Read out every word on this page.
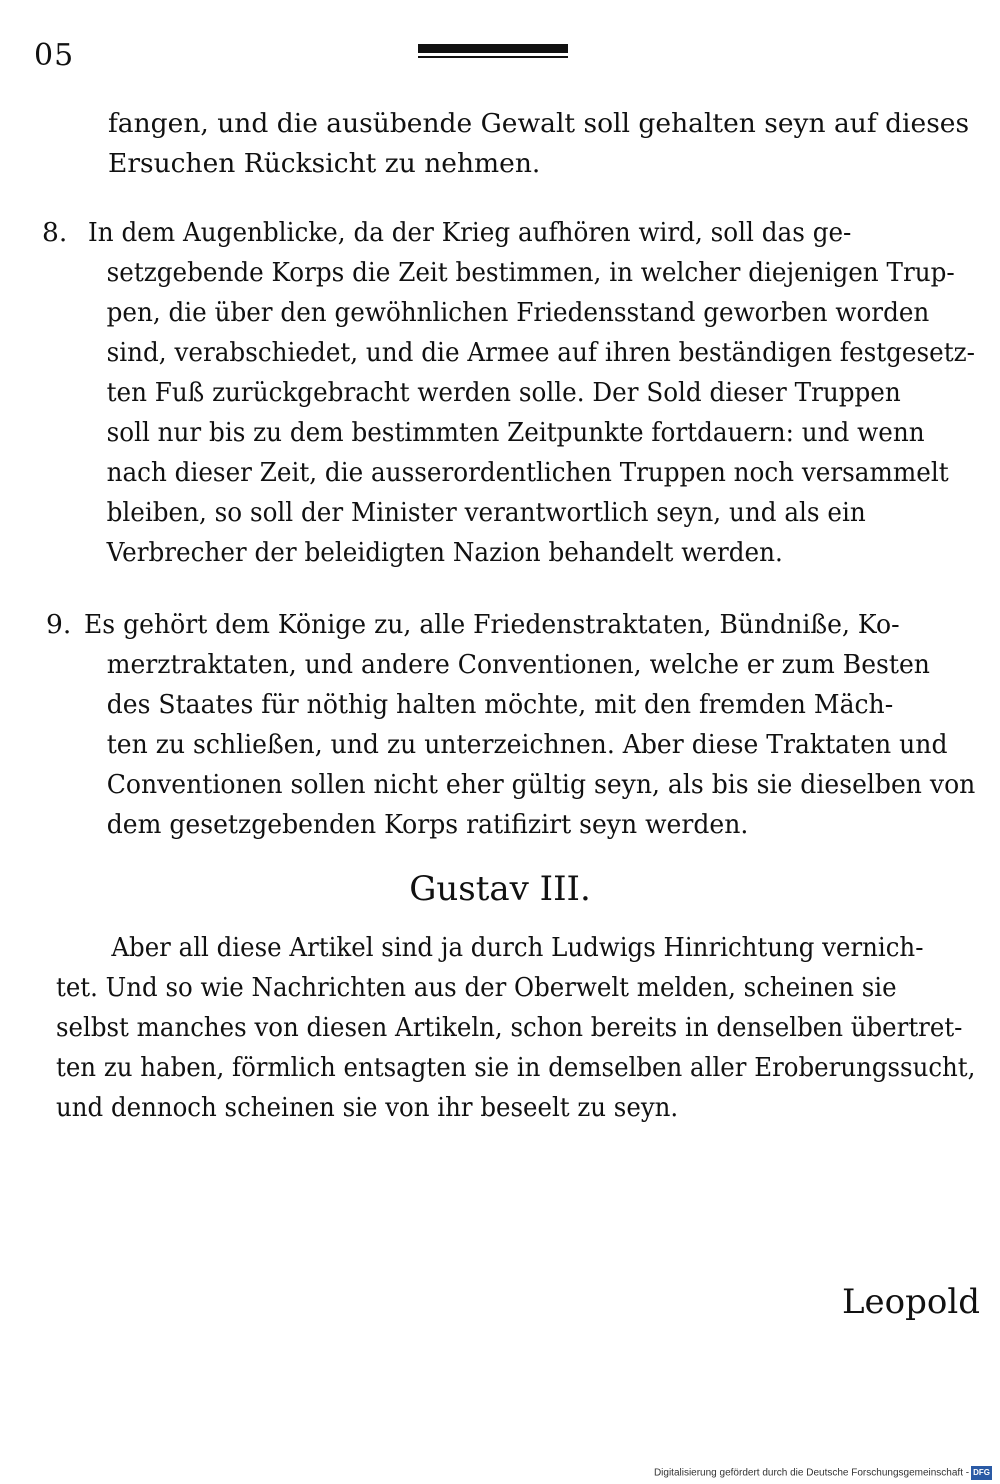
05
fangen, und die ausübende Gewalt soll gehalten seyn auf dieses
Ersuchen Rücksicht zu nehmen.
8. In dem Augenblicke, da der Krieg aufhören wird, soll das ge-
setzgebende Korps die Zeit bestimmen, in welcher diejenigen Trup-
pen, die über den gewöhnlichen Friedensstand geworben worden
sind, verabschiedet, und die Armee auf ihren beständigen festgesetz-
ten Fuß zurückgebracht werden solle. Der Sold dieser Truppen
soll nur bis zu dem bestimmten Zeitpunkte fortdauern: und wenn
nach dieser Zeit, die ausserordentlichen Truppen noch versammelt
bleiben, so soll der Minister verantwortlich seyn, und als ein
Verbrecher der beleidigten Nazion behandelt werden.
9. Es gehört dem Könige zu, alle Friedenstraktaten, Bündniße, Ko-
merztraktaten, und andere Conventionen, welche er zum Besten
des Staates für nöthig halten möchte, mit den fremden Mäch-
ten zu schließen, und zu unterzeichnen. Aber diese Traktaten und
Conventionen sollen nicht eher gültig seyn, als bis sie dieselben von
dem gesetzgebenden Korps ratifizirt seyn werden.
Gustav III.
Aber all diese Artikel sind ja durch Ludwigs Hinrichtung vernich-
tet. Und so wie Nachrichten aus der Oberwelt melden, scheinen sie
selbst manches von diesen Artikeln, schon bereits in denselben übertret-
ten zu haben, förmlich entsagten sie in demselben aller Eroberungssucht,
und dennoch scheinen sie von ihr beseelt zu seyn.
Leopold
Digitalisierung gefördert durch die Deutsche Forschungsgemeinschaft - DFG
